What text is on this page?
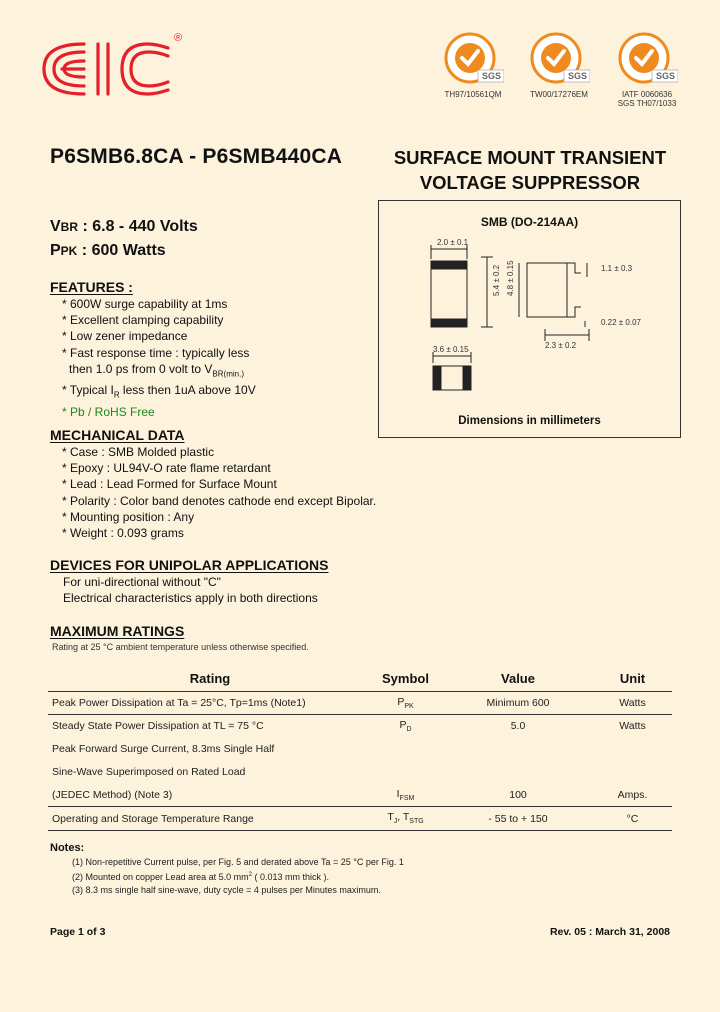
®
SGS
TH97/10561QM
SGS
TW00/17276EM
SGS
IATF 0060636
SGS TH07/1033
P6SMB6.8CA - P6SMB440CA	SURFACE MOUNT TRANSIENT
VOLTAGE SUPPRESSOR
VBR : 6.8 - 440 Volts
PPK : 600 Watts
FEATURES :
* 600W surge capability at 1ms
* Excellent clamping capability
* Low zener impedance
* Fast response time : typically less
then 1.0 ps from 0 volt to $V_{BR(min.)}$
* Typical $I_R$ less then 1uA above 10V
* Pb / RoHS Free
SMB (DO-214AA)
2.0 ± 0.1
5.4 ± 0.2 4.8 ± 0.15	1.1 ± 0.3
0.22 ± 0.07
2.3 ± 0.2
3.6 ± 0.15
Dimensions in millimeters
MECHANICAL DATA
* Case : SMB Molded plastic
* Epoxy : UL94V-O rate flame retardant
* Lead : Lead Formed for Surface Mount
* Polarity : Color band denotes cathode end except Bipolar.
* Mounting position : Any
* Weight : 0.093 grams
DEVICES FOR UNIPOLAR APPLICATIONS
For uni-directional without "C"
Electrical characteristics apply in both directions
MAXIMUM RATINGS
Rating at 25 °C ambient temperature unless otherwise specified.
Rating	Symbol	Value	Unit
Peak Power Dissipation at Ta = 25°C, Tp=1ms (Note1)	$P_{PK}$	Minimum 600	Watts
Steady State Power Dissipation at TL = 75 °C	$P_D$	5.0	Watts
Peak Forward Surge Current, 8.3ms Single Half			
Sine-Wave Superimposed on Rated Load			
(JEDEC Method) (Note 3)	$I_{FSM}$	100	Amps.
Operating and Storage Temperature Range	$T_J$, $T_{STG}$	- 55 to + 150	°C
Notes:
(1) Non-repetitive Current pulse, per Fig. 5 and derated above Ta = 25 °C per Fig. 1
(2) Mounted on copper Lead area at 5.0 $mm^2$ ( 0.013 mm thick ).
(3) 8.3 ms single half sine-wave, duty cycle = 4 pulses per Minutes maximum.
Page 1 of 3	Rev. 05 : March 31, 2008
